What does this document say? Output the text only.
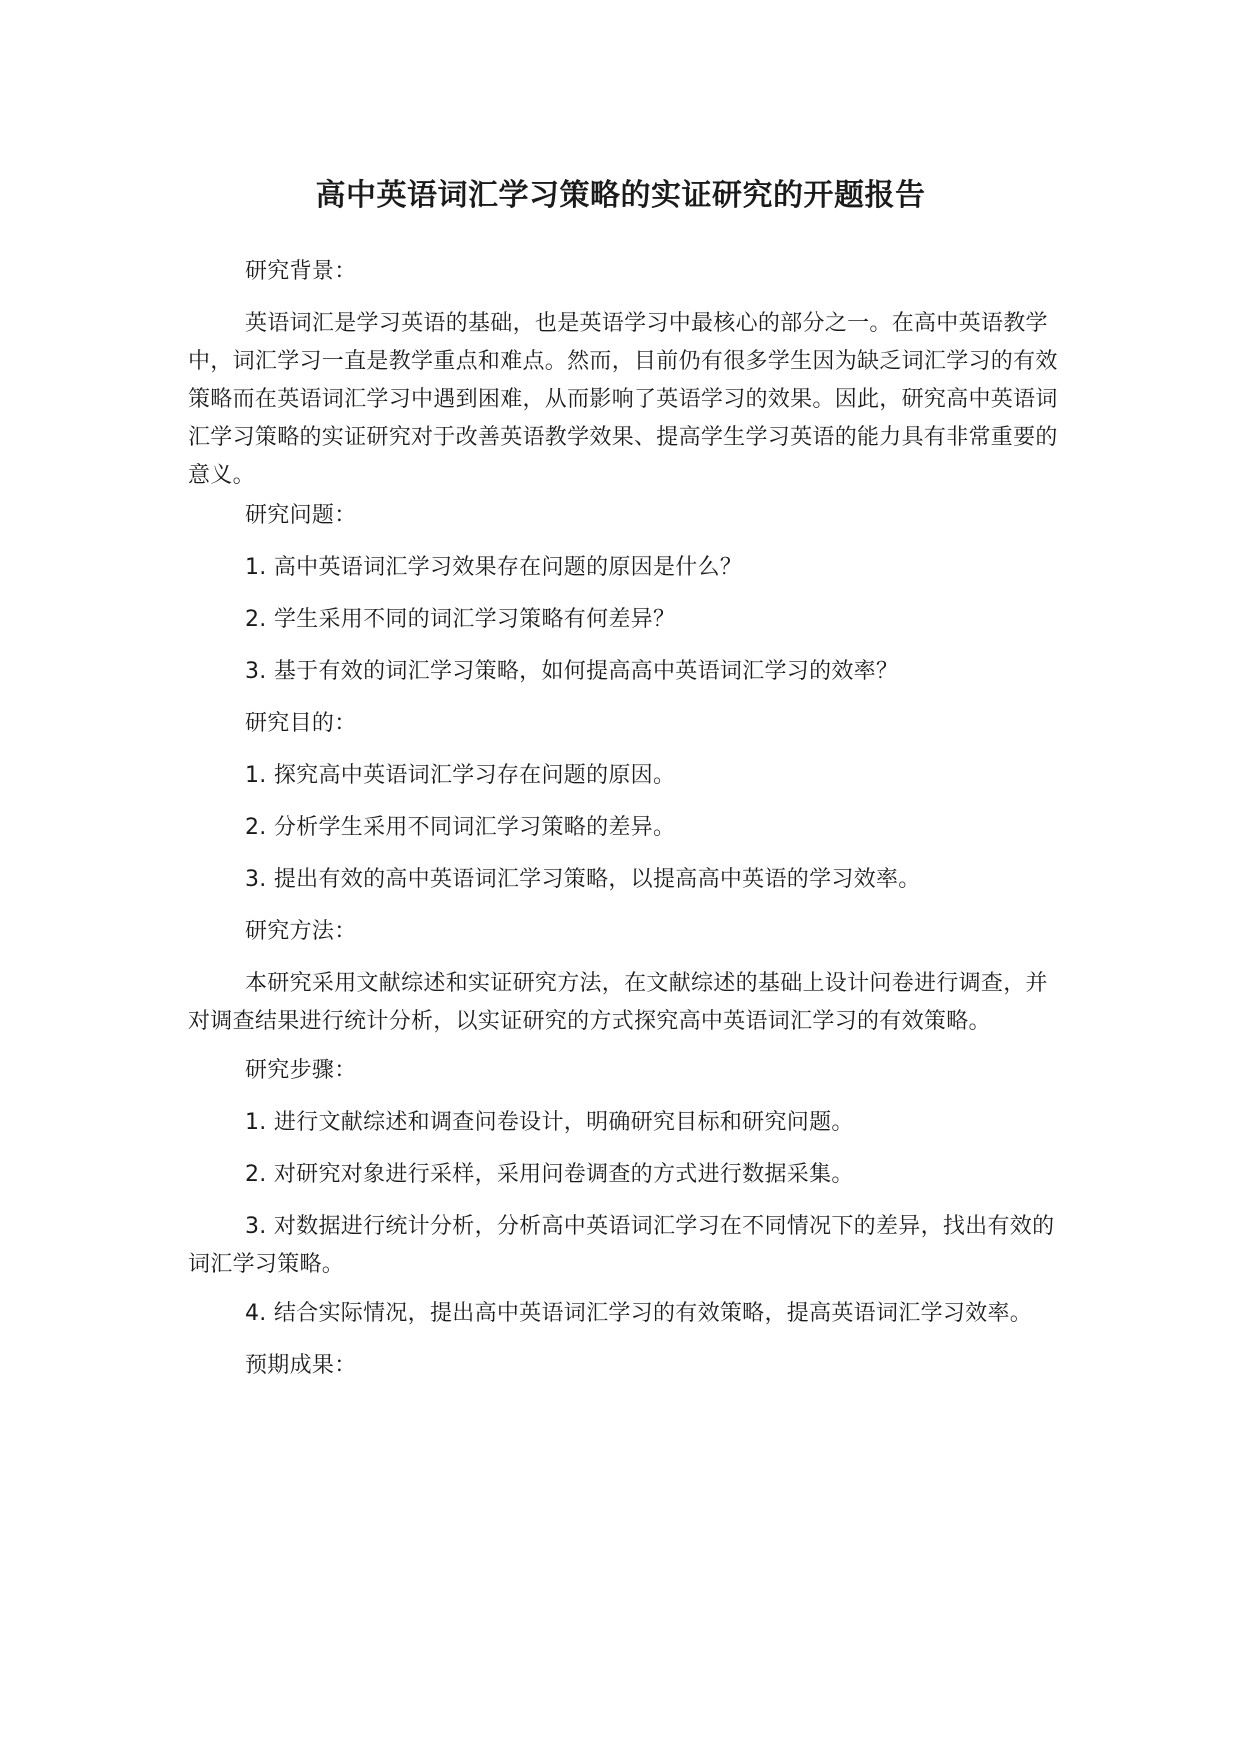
高中英语词汇学习策略的实证研究的开题报告

研究背景：

英语词汇是学习英语的基础，也是英语学习中最核心的部分之一。在高中英语教学中，词汇学习一直是教学重点和难点。然而，目前仍有很多学生因为缺乏词汇学习的有效策略而在英语词汇学习中遇到困难，从而影响了英语学习的效果。因此，研究高中英语词汇学习策略的实证研究对于改善英语教学效果、提高学生学习英语的能力具有非常重要的意义。

研究问题：

1. 高中英语词汇学习效果存在问题的原因是什么？

2. 学生采用不同的词汇学习策略有何差异？

3. 基于有效的词汇学习策略，如何提高高中英语词汇学习的效率？

研究目的：

1. 探究高中英语词汇学习存在问题的原因。

2. 分析学生采用不同词汇学习策略的差异。

3. 提出有效的高中英语词汇学习策略，以提高高中英语的学习效率。

研究方法：

本研究采用文献综述和实证研究方法，在文献综述的基础上设计问卷进行调查，并对调查结果进行统计分析，以实证研究的方式探究高中英语词汇学习的有效策略。

研究步骤：

1. 进行文献综述和调查问卷设计，明确研究目标和研究问题。

2. 对研究对象进行采样，采用问卷调查的方式进行数据采集。

3. 对数据进行统计分析，分析高中英语词汇学习在不同情况下的差异，找出有效的词汇学习策略。

4. 结合实际情况，提出高中英语词汇学习的有效策略，提高英语词汇学习效率。

预期成果：
